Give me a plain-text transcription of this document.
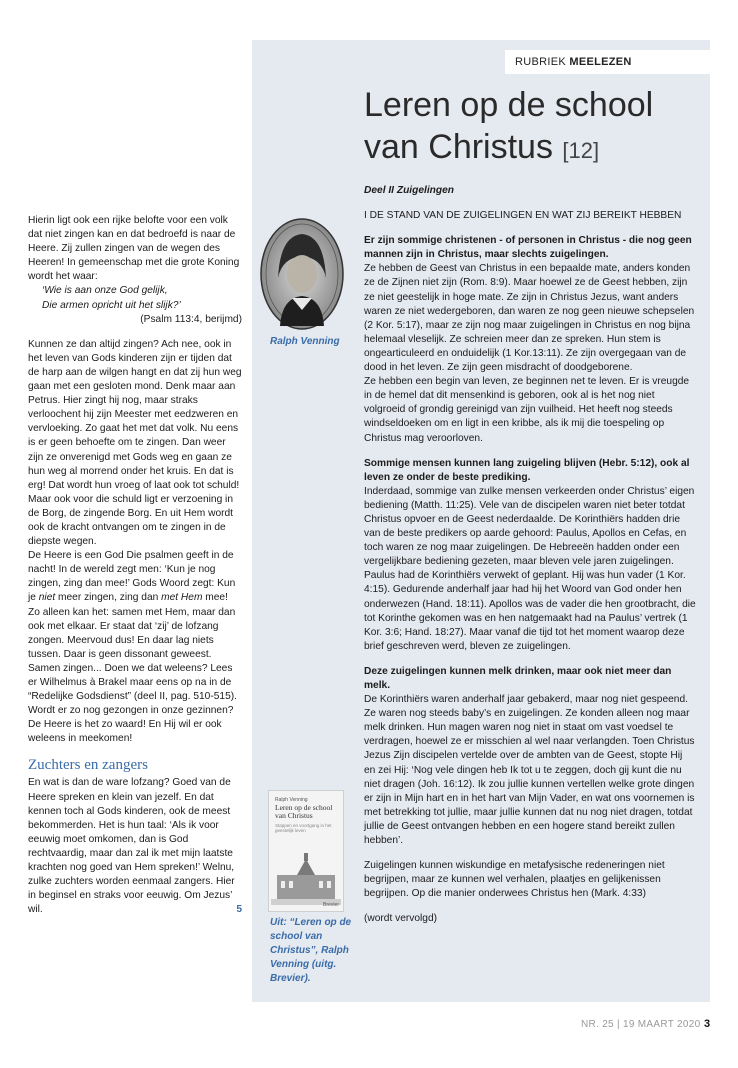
RUBRIEK MEELEZEN
Leren op de school
van Christus [12]

Deel II Zuigelingen

I DE STAND VAN DE ZUIGELINGEN EN WAT ZIJ BEREIKT HEBBEN

Er zijn sommige christenen - of personen in Christus - die nog geen mannen zijn in Christus, maar slechts zuigelingen.

Ze hebben de Geest van Christus in een bepaalde mate, anders konden ze de Zijnen niet zijn (Rom. 8:9). Maar hoewel ze de Geest hebben, zijn ze niet geestelijk in hoge mate. Ze zijn in Christus Jezus, want anders waren ze niet wedergeboren, dan waren ze nog geen nieuwe schepselen (2 Kor. 5:17), maar ze zijn nog maar zuigelingen in Christus en nog bijna helemaal vleselijk. Ze schreien meer dan ze spreken. Hun stem is ongearticuleerd en onduidelijk (1 Kor.13:11). Ze zijn overgegaan van de dood in het leven. Ze zijn geen misdracht of doodgeborene.

Ze hebben een begin van leven, ze beginnen net te leven. Er is vreugde in de hemel dat dit mensenkind is geboren, ook al is het nog niet volgroeid of grondig gereinigd van zijn vuilheid. Het heeft nog steeds windseldoeken om en ligt in een kribbe, als ik mij die toespeling op Christus mag veroorloven.

Sommige mensen kunnen lang zuigeling blijven (Hebr. 5:12), ook al leven ze onder de beste prediking.

Inderdaad, sommige van zulke mensen verkeerden onder Christus’ eigen bediening (Matth. 11:25). Vele van de discipelen waren niet beter totdat Christus opvoer en de Geest nederdaalde. De Korinthiërs hadden drie van de beste predikers op aarde gehoord: Paulus, Apollos en Cefas, en toch waren ze nog maar zuigelingen. De Hebreeën hadden onder een vergelijkbare bediening gezeten, maar bleven vele jaren zuigelingen. Paulus had de Korinthiërs verwekt of geplant. Hij was hun vader (1 Kor. 4:15). Gedurende anderhalf jaar had hij het Woord van God onder hen onderwezen (Hand. 18:11). Apollos was de vader die hen grootbracht, die tot Korinthe gekomen was en hen natgemaakt had na Paulus’ vertrek (1 Kor. 3:6; Hand. 18:27). Maar vanaf die tijd tot het moment waarop deze brief geschreven werd, bleven ze zuigelingen.

Deze zuigelingen kunnen melk drinken, maar ook niet meer dan melk.

De Korinthiërs waren anderhalf jaar gebakerd, maar nog niet gespeend. Ze waren nog steeds baby’s en zuigelingen. Ze konden alleen nog maar melk drinken. Hun magen waren nog niet in staat om vast voedsel te verdragen, hoewel ze er misschien al wel naar verlangden. Toen Christus Jezus Zijn discipelen vertelde over de ambten van de Geest, stopte Hij en zei Hij: ‘Nog vele dingen heb Ik tot u te zeggen, doch gij kunt die nu niet dragen (Joh. 16:12). Ik zou jullie kunnen vertellen welke grote dingen er zijn in Mijn hart en in het hart van Mijn Vader, en wat ons voornemen is met betrekking tot jullie, maar jullie kunnen dat nu nog niet dragen, totdat jullie de Geest ontvangen hebben en een hogere stand bereikt zullen hebben’.

Zuigelingen kunnen wiskundige en metafysische redeneringen niet begrijpen, maar ze kunnen wel verhalen, plaatjes en gelijkenissen begrijpen. Op die manier onderwees Christus hen (Mark. 4:33)

(wordt vervolgd)

Ralph Venning
Ralph Venning
Leren op de school van Christus
Stappen en voortgang in het geestelijk leven
Brevier
Uit: “Leren op de school van Christus”, Ralph Venning (uitg. Brevier).

Hierin ligt ook een rijke belofte voor een volk dat niet zingen kan en dat bedroefd is naar de Heere. Zij zullen zingen van de wegen des Heeren! In gemeenschap met die grote Koning wordt het waar:

‘Wie is aan onze God gelijk,

Die armen opricht uit het slijk?’

(Psalm 113:4, berijmd)

Kunnen ze dan altijd zingen? Ach nee, ook in het leven van Gods kinderen zijn er tijden dat de harp aan de wilgen hangt en dat zij hun weg gaan met een gesloten mond. Denk maar aan Petrus. Hier zingt hij nog, maar straks verloochent hij zijn Meester met eedzweren en vervloeking. Zo gaat het met dat volk. Nu eens is er geen behoefte om te zingen. Dan weer zijn ze onverenigd met Gods weg en gaan ze hun weg al morrend onder het kruis. En dat is erg! Dat wordt hun vroeg of laat ook tot schuld! Maar ook voor die schuld ligt er verzoening in de Borg, de zingende Borg. En uit Hem wordt ook de kracht ontvangen om te zingen in de diepste wegen.

De Heere is een God Die psalmen geeft in de nacht! In de wereld zegt men: ‘Kun je nog zingen, zing dan mee!’ Gods Woord zegt: Kun je niet meer zingen, zing dan met Hem mee!

Zo alleen kan het: samen met Hem, maar dan ook met elkaar. Er staat dat ‘zij’ de lofzang zongen. Meervoud dus! En daar lag niets tussen. Daar is geen dissonant geweest. Samen zingen... Doen we dat weleens? Lees er Wilhelmus à Brakel maar eens op na in de “Redelijke Godsdienst” (deel II, pag. 510-515). Wordt er zo nog gezongen in onze gezinnen? De Heere is het zo waard! En Hij wil er ook weleens in meekomen!

Zuchters en zangers

En wat is dan de ware lofzang? Goed van de Heere spreken en klein van jezelf. En dat kennen toch al Gods kinderen, ook de meest bekommerden. Het is hun taal: ‘Als ik voor eeuwig moet omkomen, dan is God rechtvaardig, maar dan zal ik met mijn laatste krachten nog goed van Hem spreken!’ Welnu, zulke zuchters worden eenmaal zangers. Hier in beginsel en straks voor eeuwig. Om Jezus’ wil.	5

NR. 25 | 19 MAART 2020 3
